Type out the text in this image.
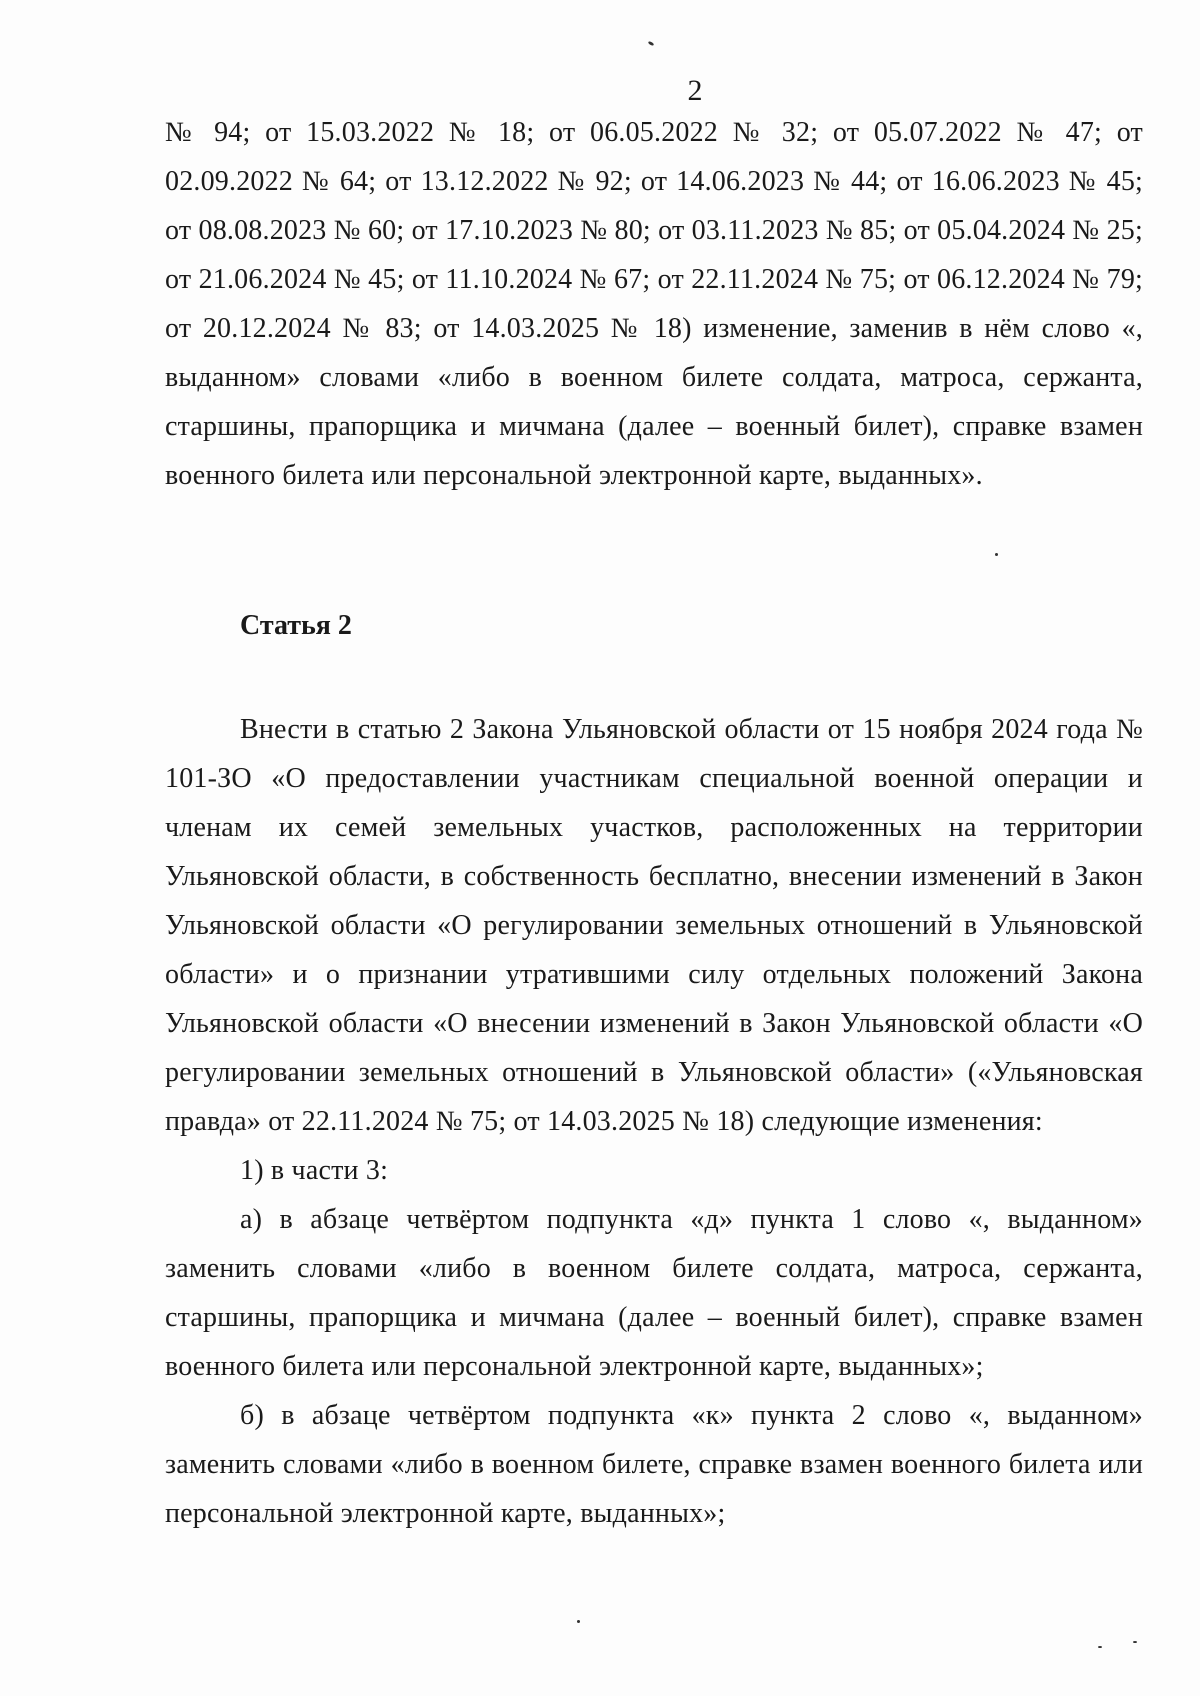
2

№ 94; от 15.03.2022 № 18; от 06.05.2022 № 32; от 05.07.2022 № 47; от 02.09.2022 № 64; от 13.12.2022 № 92; от 14.06.2023 № 44; от 16.06.2023 № 45; от 08.08.2023 № 60; от 17.10.2023 № 80; от 03.11.2023 № 85; от 05.04.2024 № 25; от 21.06.2024 № 45; от 11.10.2024 № 67; от 22.11.2024 № 75; от 06.12.2024 № 79; от 20.12.2024 № 83; от 14.03.2025 № 18) изменение, заменив в нём слово «, выданном» словами «либо в военном билете солдата, матроса, сержанта, старшины, прапорщика и мичмана (далее – военный билет), справке взамен военного билета или персональной электронной карте, выданных».

Статья 2

Внести в статью 2 Закона Ульяновской области от 15 ноября 2024 года № 101-ЗО «О предоставлении участникам специальной военной операции и членам их семей земельных участков, расположенных на территории Ульяновской области, в собственность бесплатно, внесении изменений в Закон Ульяновской области «О регулировании земельных отношений в Ульяновской области» и о признании утратившими силу отдельных положений Закона Ульяновской области «О внесении изменений в Закон Ульяновской области «О регулировании земельных отношений в Ульяновской области» («Ульяновская правда» от 22.11.2024 № 75; от 14.03.2025 № 18) следующие изменения:

1) в части 3:

а) в абзаце четвёртом подпункта «д» пункта 1 слово «, выданном» заменить словами «либо в военном билете солдата, матроса, сержанта, старшины, прапорщика и мичмана (далее – военный билет), справке взамен военного билета или персональной электронной карте, выданных»;

б) в абзаце четвёртом подпункта «к» пункта 2 слово «, выданном» заменить словами «либо в военном билете, справке взамен военного билета или персональной электронной карте, выданных»;
